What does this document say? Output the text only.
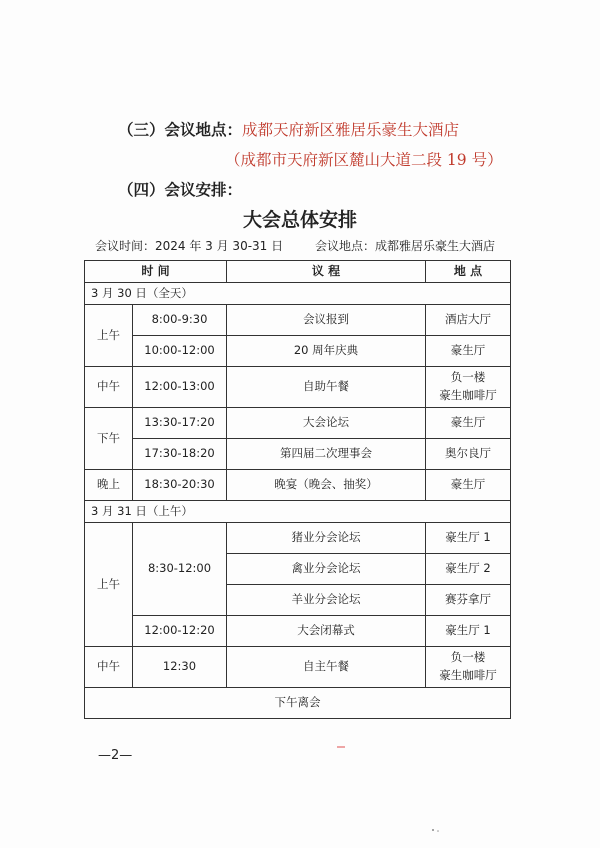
（三）会议地点：成都天府新区雅居乐豪生大酒店
（成都市天府新区麓山大道二段 19 号）
（四）会议安排：
大会总体安排
会议时间：2024 年 3 月 30-31 日	会议地点：成都雅居乐豪生大酒店
时 间		议 程	地 点
3 月 30 日（全天）			
上午	8:00-9:30	会议报到	酒店大厅
	10:00-12:00	20 周年庆典	豪生厅
中午	12:00-13:00	自助午餐	负一楼
豪生咖啡厅

下午	13:30-17:20	大会论坛	豪生厅
	17:30-18:20	第四届二次理事会	奥尔良厅
晚上	18:30-20:30	晚宴（晚会、抽奖）	豪生厅
3 月 31 日（上午）			
上午	8:30-12:00	猪业分会论坛	豪生厅 1
		禽业分会论坛	豪生厅 2
		羊业分会论坛	赛芬拿厅
	12:00-12:20	大会闭幕式	豪生厅 1
中午	12:30	自主午餐	负一楼
豪生咖啡厅

下午离会			
—2—
